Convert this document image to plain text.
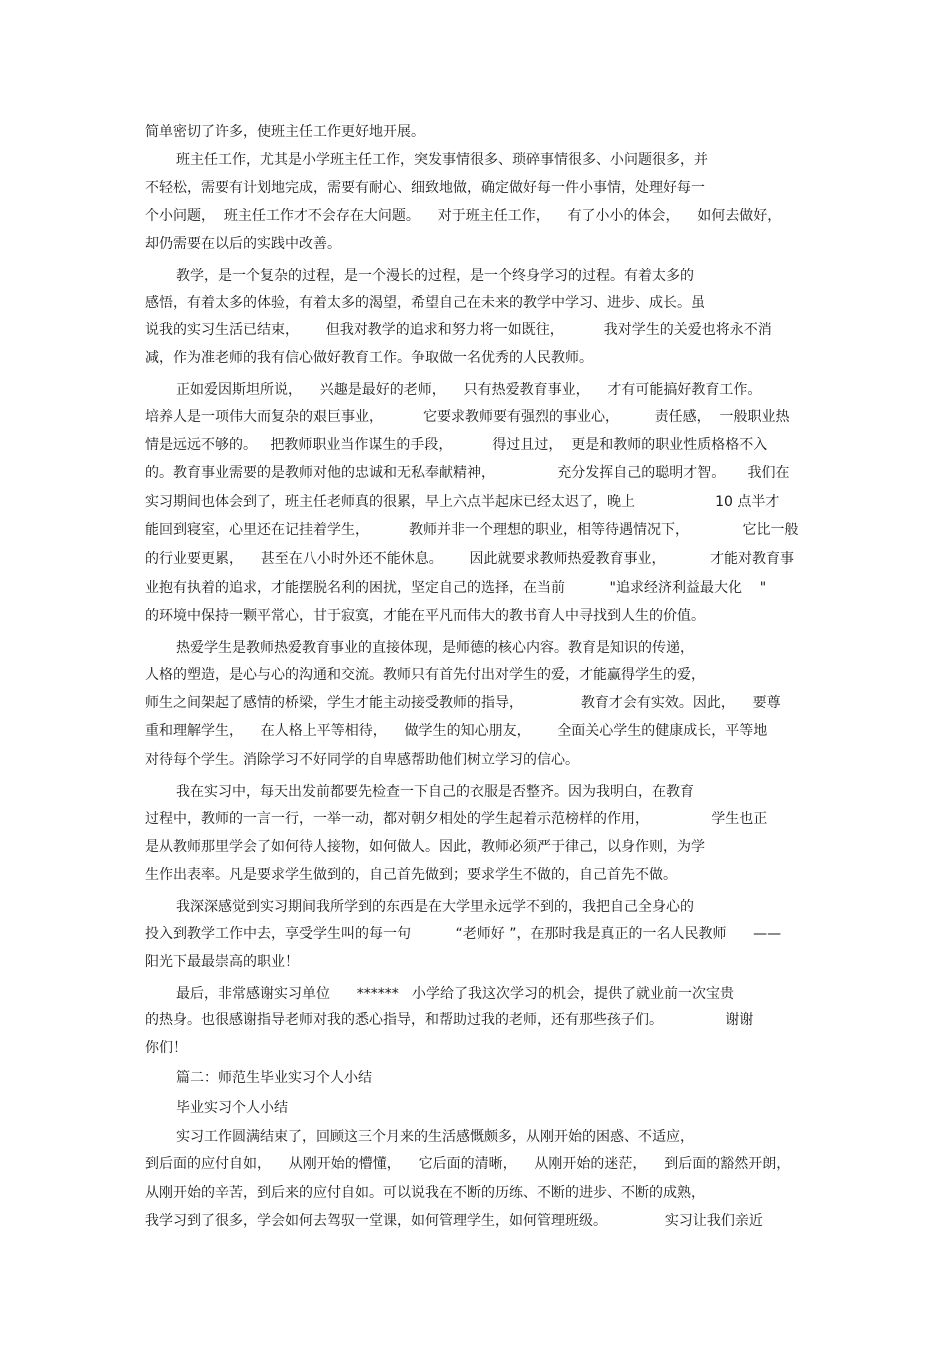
简单密切了许多，使班主任工作更好地开展。
班主任工作，尤其是小学班主任工作，突发事情很多、琐碎事情很多、小问题很多，并
不轻松，需要有计划地完成，需要有耐心、细致地做，确定做好每一件小事情，处理好每一
个小问题，  班主任工作才不会存在大问题。    对于班主任工作，    有了小小的体会，    如何去做好，
却仍需要在以后的实践中改善。
教学，是一个复杂的过程，是一个漫长的过程，是一个终身学习的过程。有着太多的
感悟，有着太多的体验，有着太多的渴望，希望自己在未来的教学中学习、进步、成长。虽
说我的实习生活已结束，      但我对教学的追求和努力将一如既往，         我对学生的关爱也将永不消
减，作为准老师的我有信心做好教育工作。争取做一名优秀的人民教师。
正如爱因斯坦所说，    兴趣是最好的老师，    只有热爱教育事业，    才有可能搞好教育工作。
培养人是一项伟大而复杂的艰巨事业，         它要求教师要有强烈的事业心，        责任感，  一般职业热
情是远远不够的。   把教师职业当作谋生的手段，         得过且过，  更是和教师的职业性质格格不入
的。教育事业需要的是教师对他的忠诚和无私奉献精神，              充分发挥自己的聪明才智。     我们在
实习期间也体会到了，班主任老师真的很累，早上六点半起床已经太迟了，晚上                  10 点半才
能回到寝室，心里还在记挂着学生，         教师并非一个理想的职业，相等待遇情况下，            它比一般
的行业要更累，    甚至在八小时外还不能休息。      因此就要求教师热爱教育事业，          才能对教育事
业抱有执着的追求，才能摆脱名利的困扰，坚定自己的选择，在当前          "追求经济利益最大化    "
的环境中保持一颗平常心，甘于寂寞，才能在平凡而伟大的教书育人中寻找到人生的价值。
热爱学生是教师热爱教育事业的直接体现，是师德的核心内容。教育是知识的传递，
人格的塑造，是心与心的沟通和交流。教师只有首先付出对学生的爱，才能赢得学生的爱，
师生之间架起了感情的桥梁，学生才能主动接受教师的指导，             教育才会有实效。因此，    要尊
重和理解学生，    在人格上平等相待，    做学生的知心朋友，      全面关心学生的健康成长，平等地
对待每个学生。消除学习不好同学的自卑感帮助他们树立学习的信心。
我在实习中，每天出发前都要先检查一下自己的衣服是否整齐。因为我明白，在教育
过程中，教师的一言一行，一举一动，都对朝夕相处的学生起着示范榜样的作用，              学生也正
是从教师那里学会了如何待人接物，如何做人。因此，教师必须严于律己，以身作则，为学
生作出表率。凡是要求学生做到的，自己首先做到；要求学生不做的，自己首先不做。
我深深感觉到实习期间我所学到的东西是在大学里永远学不到的，我把自己全身心的
投入到教学工作中去，享受学生叫的每一句          “老师好 ”，在那时我是真正的一名人民教师      ——
阳光下最最崇高的职业！
最后，非常感谢实习单位      ******   小学给了我这次学习的机会，提供了就业前一次宝贵
的热身。也很感谢指导老师对我的悉心指导，和帮助过我的老师，还有那些孩子们。              谢谢
你们！
篇二：师范生毕业实习个人小结
毕业实习个人小结
实习工作圆满结束了，回顾这三个月来的生活感慨颇多，从刚开始的困惑、不适应，
到后面的应付自如，    从刚开始的懵懂，    它后面的清晰，    从刚开始的迷茫，    到后面的豁然开朗，
从刚开始的辛苦，到后来的应付自如。可以说我在不断的历练、不断的进步、不断的成熟，
我学习到了很多，学会如何去驾驭一堂课，如何管理学生，如何管理班级。             实习让我们亲近
